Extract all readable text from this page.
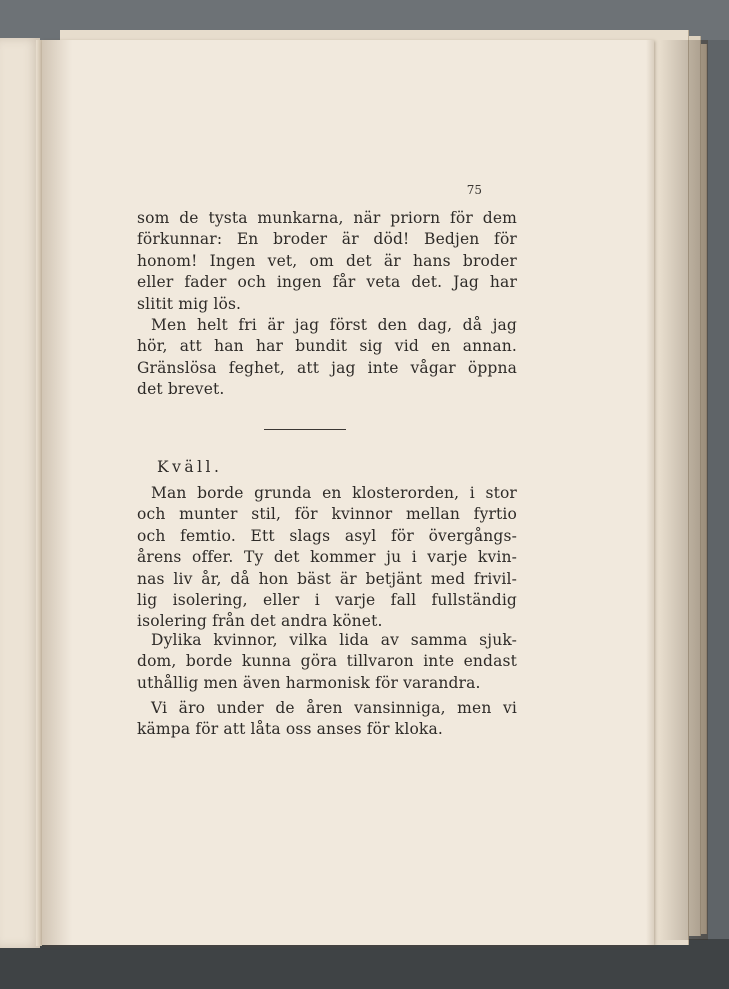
75
som de tysta munkarna, när priorn för dem
förkunnar: En broder är död! Bedjen för
honom! Ingen vet, om det är hans broder
eller fader och ingen får veta det. Jag har
slitit mig lös.
Men helt fri är jag först den dag, då jag
hör, att han har bundit sig vid en annan.
Gränslösa feghet, att jag inte vågar öppna
det brevet.
Kväll.
Man borde grunda en klosterorden, i stor
och munter stil, för kvinnor mellan fyrtio
och femtio. Ett slags asyl för övergångs-
årens offer. Ty det kommer ju i varje kvin-
nas liv år, då hon bäst är betjänt med frivil-
lig isolering, eller i varje fall fullständig
isolering från det andra könet.
Dylika kvinnor, vilka lida av samma sjuk-
dom, borde kunna göra tillvaron inte endast
uthållig men även harmonisk för varandra.
Vi äro under de åren vansinniga, men vi
kämpa för att låta oss anses för kloka.
